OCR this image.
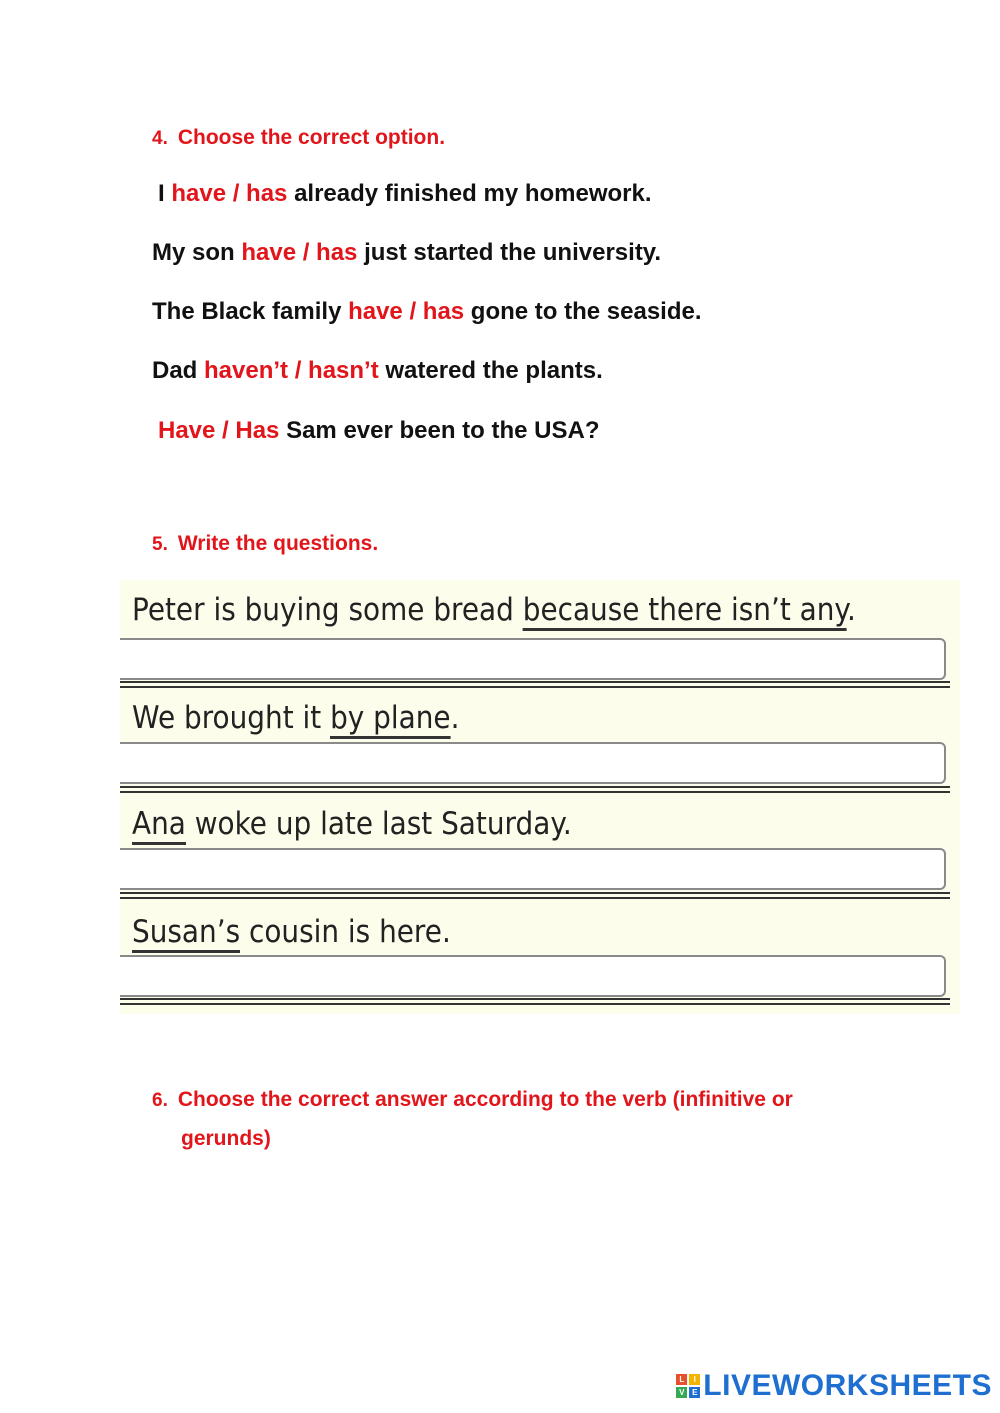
4. Choose the correct option.
I have / has already finished my homework.
My son have / has just started the university.
The Black family have / has gone to the seaside.
Dad haven’t / hasn’t watered the plants.
Have / Has Sam ever been to the USA?
5. Write the questions.
Peter is buying some bread because there isn’t any.
We brought it by plane.
Ana woke up late last Saturday.
Susan’s cousin is here.
6. Choose the correct answer according to the verb (infinitive or
gerunds)
L	I
V E LIVEWORKSHEETS
